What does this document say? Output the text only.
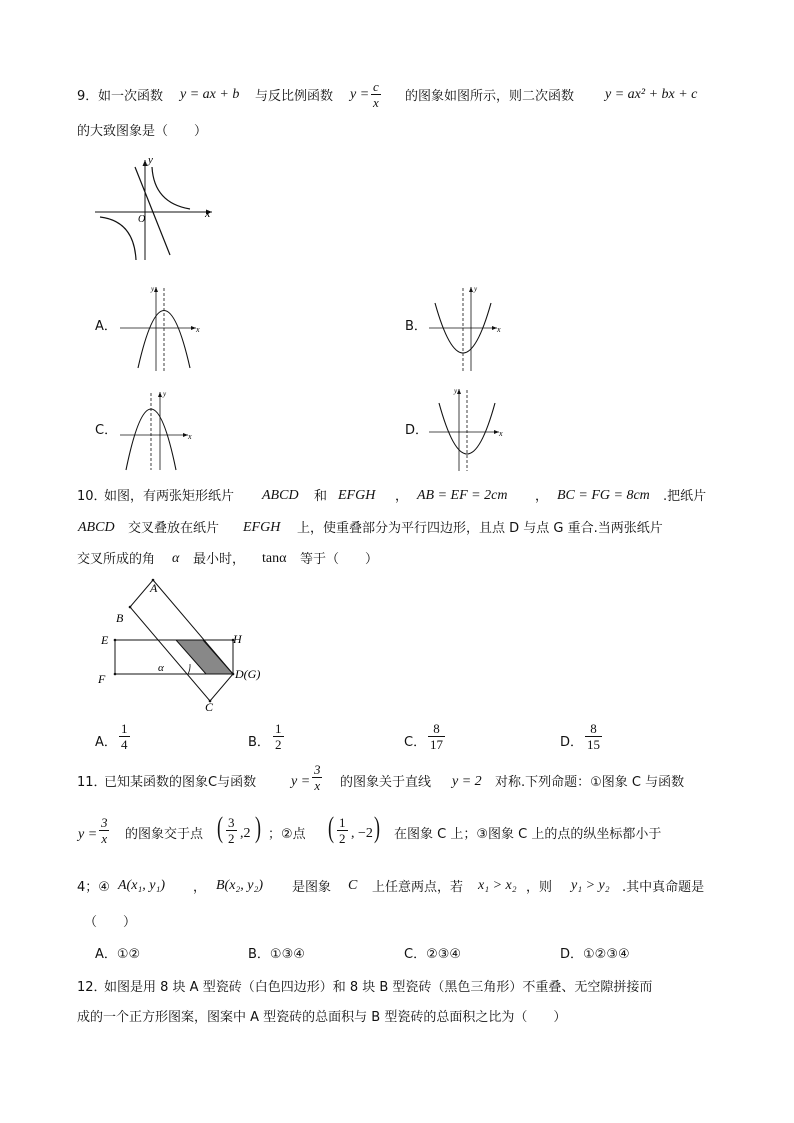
9． 如一次函数 y = ax + b 与反比例函数 $y = \frac{c}{x}$ 的图象如图所示，则二次函数 y = ax² + bx + c
的大致图象是（　　）
x
y
O
A．	x
y
B．	x
y
C．	x
y
D．	x
y
10．
如图，有两张矩形纸片 ABCD 和 EFGH ， AB = EF = 2cm ， BC = FG = 8cm .把纸片
ABCD 交叉叠放在纸片 EFGH 上，使重叠部分为平行四边形，且点 D 与点 G 重合.当两张纸片
交叉所成的角 α 最小时， tanα 等于（　　）
A
B
E	H
F	D(G)
C
α
A． $\frac{1}{4}$	B． $\frac{1}{2}$	C． $\frac{8}{17}$	D． $\frac{8}{15}$
11．
已知某函数的图象C与函数 $y = \frac{3}{x}$ 的图象关于直线 y = 2 对称.下列命题：①图象 C 与函数
$y = \frac{3}{x}$ 的图象交于点 ( $\frac{3}{2} ,2$ ) ；②点 ( $\frac{1}{2}$ , −2 ) 在图象 C 上；③图象 C 上的点的纵坐标都小于
4；④ A(x₁, y₁) ， B(x₂, y₂) 是图象 C 上任意两点，若 x₁ > x₂ ，则 y₁ > y₂ .其中真命题是
（　　）
A．①②	B．①③④	C．②③④	D．①②③④
12．
如图是用 8 块 A 型瓷砖（白色四边形）和 8 块 B 型瓷砖（黑色三角形）不重叠、无空隙拼接而
成的一个正方形图案，图案中 A 型瓷砖的总面积与 B 型瓷砖的总面积之比为（　　）
